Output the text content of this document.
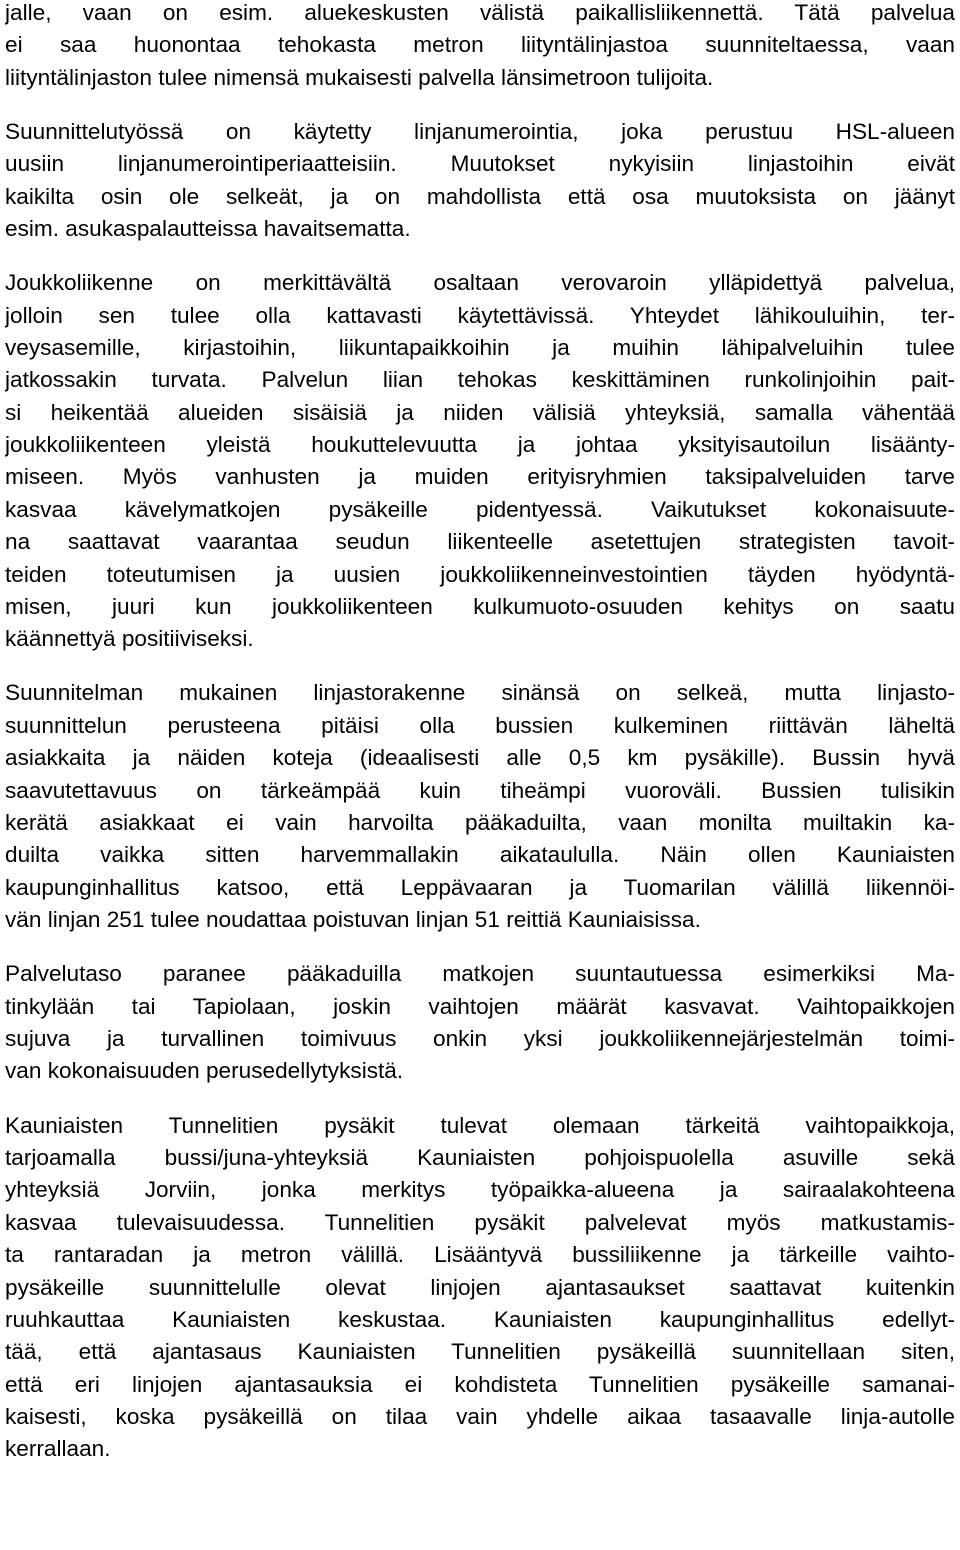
jalle, vaan on esim. aluekeskusten välistä paikallisliikennettä. Tätä palvelua
ei saa huonontaa tehokasta metron liityntälinjastoa suunniteltaessa, vaan
liityntälinjaston tulee nimensä mukaisesti palvella länsimetroon tulijoita.
Suunnittelutyössä on käytetty linjanumerointia, joka perustuu HSL-alueen
uusiin linjanumerointiperiaatteisiin. Muutokset nykyisiin linjastoihin eivät
kaikilta osin ole selkeät, ja on mahdollista että osa muutoksista on jäänyt
esim. asukaspalautteissa havaitsematta.
Joukkoliikenne on merkittävältä osaltaan verovaroin ylläpidettyä palvelua,
jolloin sen tulee olla kattavasti käytettävissä. Yhteydet lähikouluihin, ter-
veysasemille, kirjastoihin, liikuntapaikkoihin ja muihin lähipalveluihin tulee
jatkossakin turvata. Palvelun liian tehokas keskittäminen runkolinjoihin pait-
si heikentää alueiden sisäisiä ja niiden välisiä yhteyksiä, samalla vähentää
joukkoliikenteen yleistä houkuttelevuutta ja johtaa yksityisautoilun lisäänty-
miseen. Myös vanhusten ja muiden erityisryhmien taksipalveluiden tarve
kasvaa kävelymatkojen pysäkeille pidentyessä. Vaikutukset kokonaisuute-
na saattavat vaarantaa seudun liikenteelle asetettujen strategisten tavoit-
teiden toteutumisen ja uusien joukkoliikenneinvestointien täyden hyödyntä-
misen, juuri kun joukkoliikenteen kulkumuoto-osuuden kehitys on saatu
käännettyä positiiviseksi.
Suunnitelman mukainen linjastorakenne sinänsä on selkeä, mutta linjasto-
suunnittelun perusteena pitäisi olla bussien kulkeminen riittävän läheltä
asiakkaita ja näiden koteja (ideaalisesti alle 0,5 km pysäkille). Bussin hyvä
saavutettavuus on tärkeämpää kuin tiheämpi vuoroväli. Bussien tulisikin
kerätä asiakkaat ei vain harvoilta pääkaduilta, vaan monilta muiltakin ka-
duilta vaikka sitten harvemmallakin aikataululla. Näin ollen Kauniaisten
kaupunginhallitus katsoo, että Leppävaaran ja Tuomarilan välillä liikennöi-
vän linjan 251 tulee noudattaa poistuvan linjan 51 reittiä Kauniaisissa.
Palvelutaso paranee pääkaduilla matkojen suuntautuessa esimerkiksi Ma-
tinkylään tai Tapiolaan, joskin vaihtojen määrät kasvavat. Vaihtopaikkojen
sujuva ja turvallinen toimivuus onkin yksi joukkoliikennejärjestelmän toimi-
van kokonaisuuden perusedellytyksistä.
Kauniaisten Tunnelitien pysäkit tulevat olemaan tärkeitä vaihtopaikkoja,
tarjoamalla bussi/juna-yhteyksiä Kauniaisten pohjoispuolella asuville sekä
yhteyksiä Jorviin, jonka merkitys työpaikka-alueena ja sairaalakohteena
kasvaa tulevaisuudessa. Tunnelitien pysäkit palvelevat myös matkustamis-
ta rantaradan ja metron välillä. Lisääntyvä bussiliikenne ja tärkeille vaihto-
pysäkeille suunnittelulle olevat linjojen ajantasaukset saattavat kuitenkin
ruuhkauttaa Kauniaisten keskustaa. Kauniaisten kaupunginhallitus edellyt-
tää, että ajantasaus Kauniaisten Tunnelitien pysäkeillä suunnitellaan siten,
että eri linjojen ajantasauksia ei kohdisteta Tunnelitien pysäkeille samanai-
kaisesti, koska pysäkeillä on tilaa vain yhdelle aikaa tasaavalle linja-autolle
kerrallaan.
